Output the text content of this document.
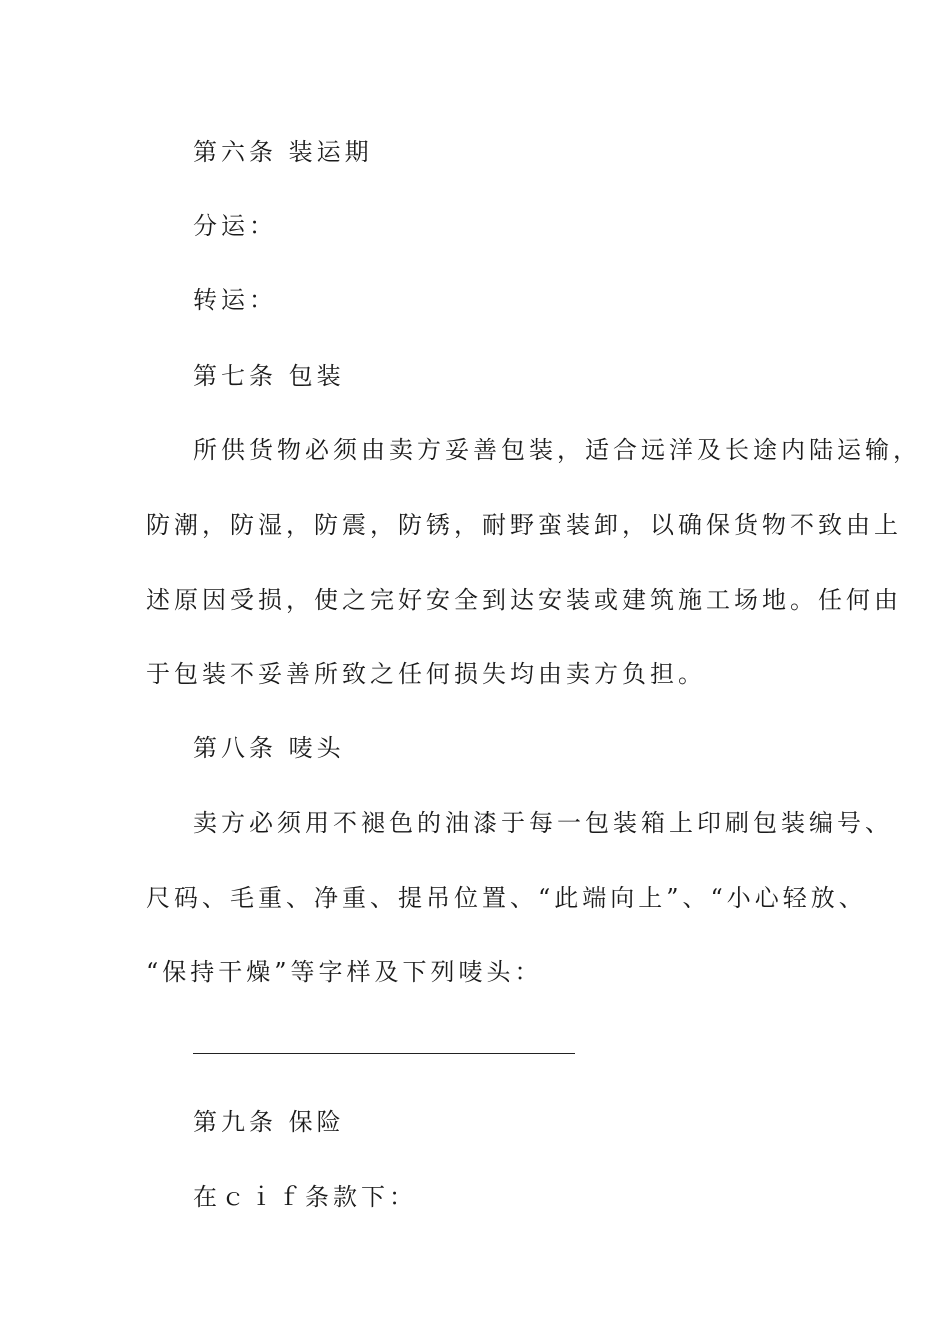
第六条 装运期
分运：
转运：
第七条 包装
所供货物必须由卖方妥善包装，适合远洋及长途内陆运输，
防潮，防湿，防震，防锈，耐野蛮装卸，以确保货物不致由上
述原因受损，使之完好安全到达安装或建筑施工场地。任何由
于包装不妥善所致之任何损失均由卖方负担。
第八条 唛头
卖方必须用不褪色的油漆于每一包装箱上印刷包装编号、
尺码、毛重、净重、提吊位置、“此端向上”、“小心轻放、
“保持干燥”等字样及下列唛头：
第九条 保险
在ｃｉｆ条款下：
